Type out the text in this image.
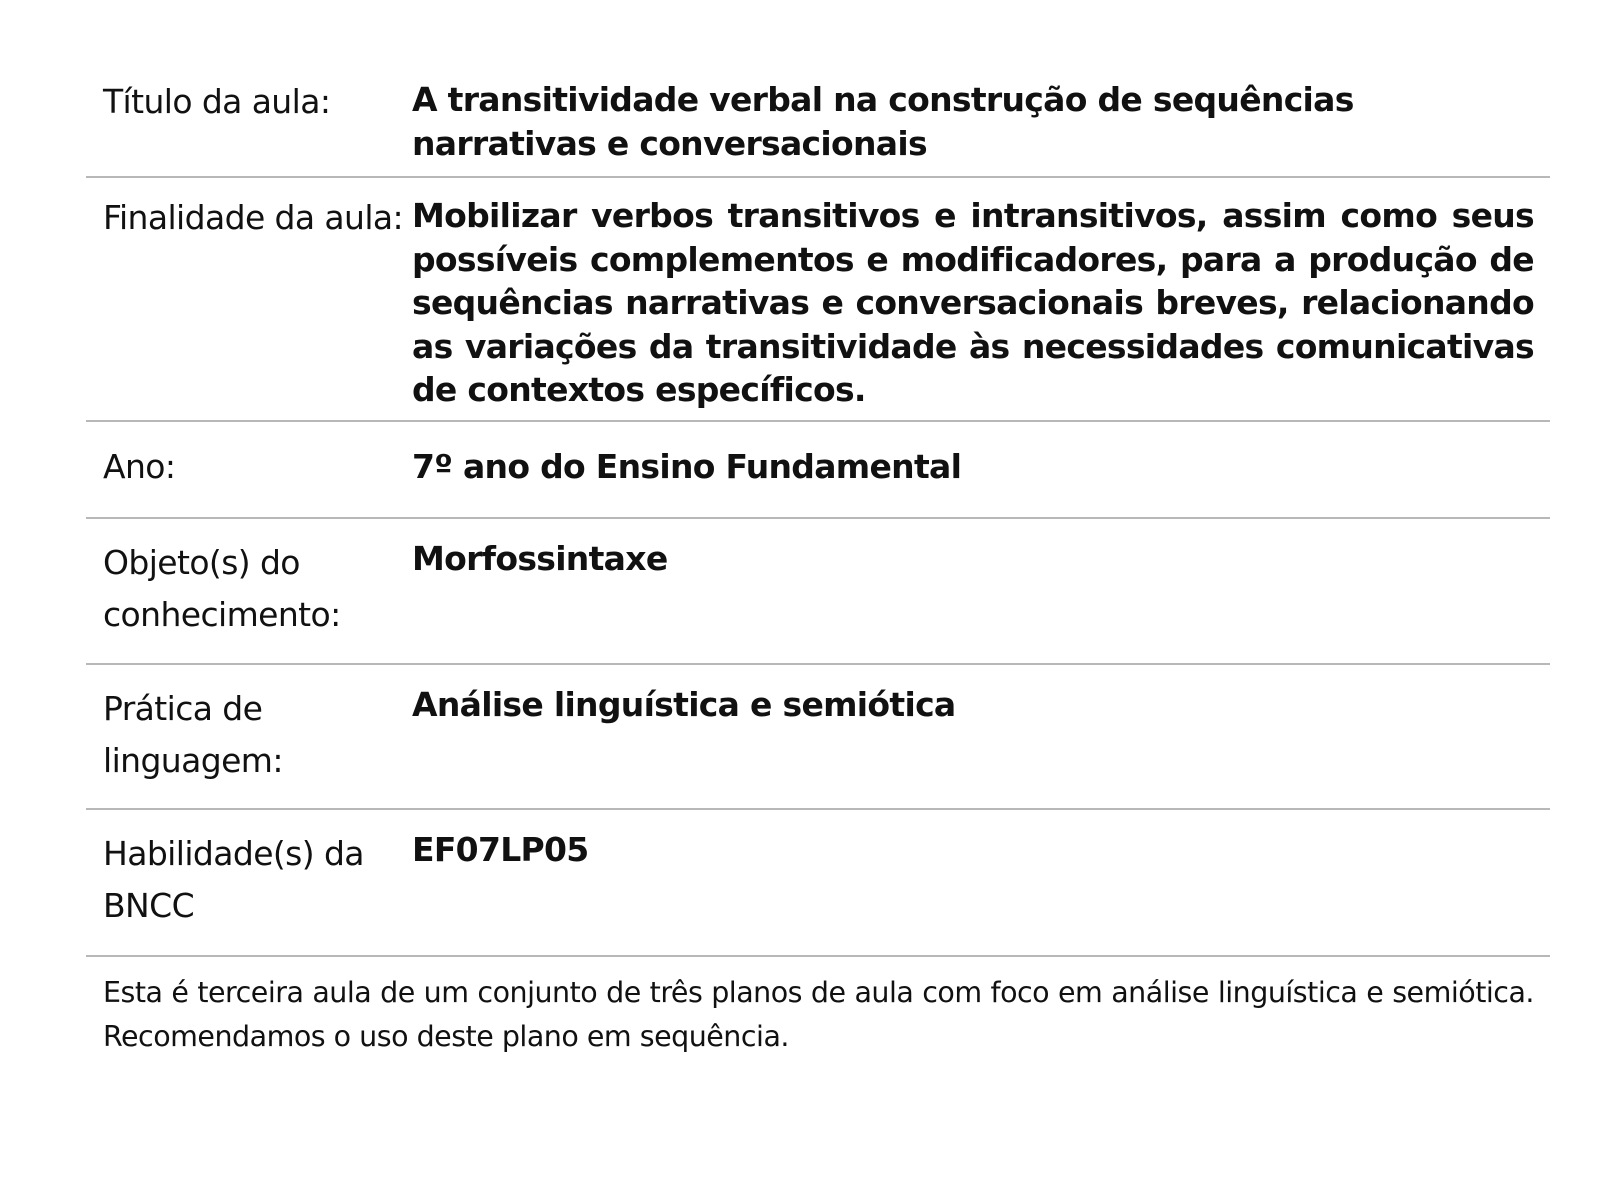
Título da aula:	A transitividade verbal na construção de sequências narrativas e conversacionais
Finalidade da aula: Mobilizar verbos transitivos e intransitivos, assim como seus possíveis complementos e modificadores, para a produção de sequências narrativas e conversacionais breves, relacionando as variações da transitividade às necessidades comunicativas de contextos específicos.
Ano:	7º ano do Ensino Fundamental
Objeto(s) do conhecimento:
Morfossintaxe
Prática de linguagem:
Análise linguística e semiótica
Habilidade(s) da BNCC
EF07LP05
Esta é terceira aula de um conjunto de três planos de aula com foco em análise linguística e semiótica. Recomendamos o uso deste plano em sequência.
